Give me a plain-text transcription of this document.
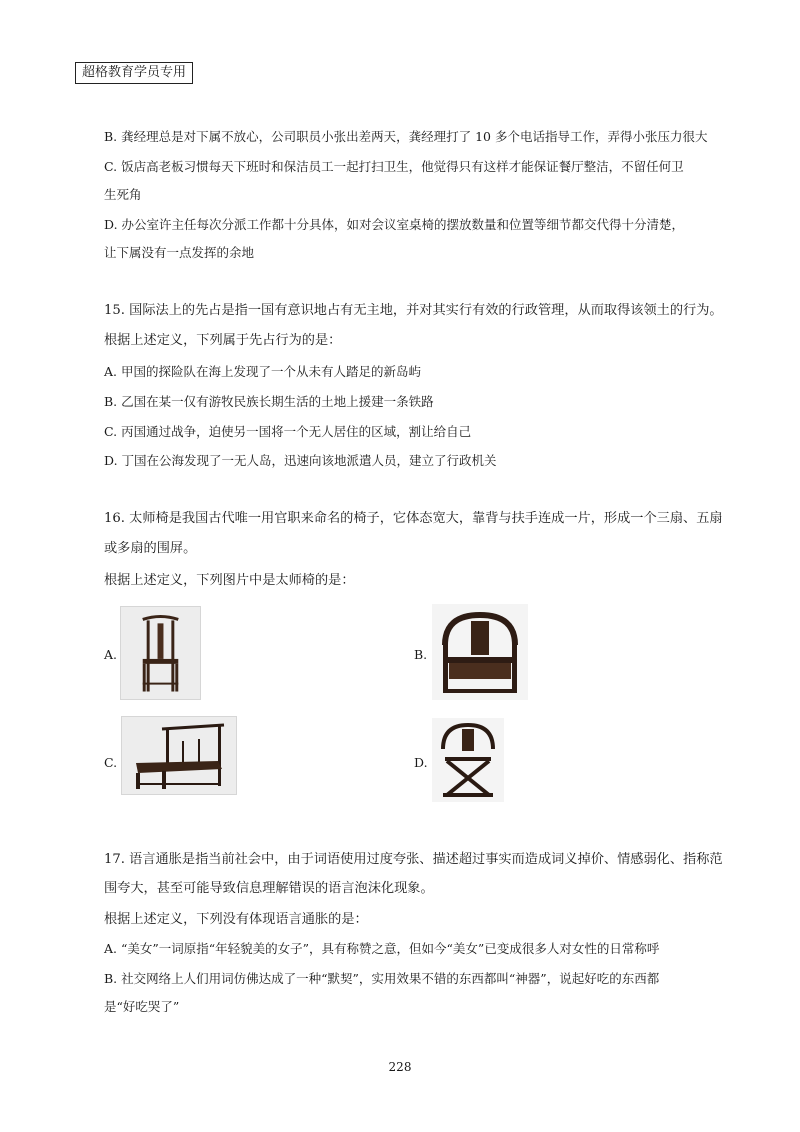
超格教育学员专用
B. 龚经理总是对下属不放心，公司职员小张出差两天，龚经理打了 10 多个电话指导工作，弄得小张压力很大
C. 饭店高老板习惯每天下班时和保洁员工一起打扫卫生，他觉得只有这样才能保证餐厅整洁，不留任何卫
生死角
D. 办公室许主任每次分派工作都十分具体，如对会议室桌椅的摆放数量和位置等细节都交代得十分清楚，
让下属没有一点发挥的余地
15. 国际法上的先占是指一国有意识地占有无主地，并对其实行有效的行政管理，从而取得该领土的行为。
根据上述定义，下列属于先占行为的是：
A. 甲国的探险队在海上发现了一个从未有人踏足的新岛屿
B. 乙国在某一仅有游牧民族长期生活的土地上援建一条铁路
C. 丙国通过战争，迫使另一国将一个无人居住的区域，割让给自己
D. 丁国在公海发现了一无人岛，迅速向该地派遣人员，建立了行政机关
16. 太师椅是我国古代唯一用官职来命名的椅子，它体态宽大，靠背与扶手连成一片，形成一个三扇、五扇
或多扇的围屏。
根据上述定义，下列图片中是太师椅的是：
A.	B.
C.	D.
17. 语言通胀是指当前社会中，由于词语使用过度夸张、描述超过事实而造成词义掉价、情感弱化、指称范
围夸大，甚至可能导致信息理解错误的语言泡沫化现象。
根据上述定义，下列没有体现语言通胀的是：
A. “美女”一词原指“年轻貌美的女子”，具有称赞之意，但如今“美女”已变成很多人对女性的日常称呼
B. 社交网络上人们用词仿佛达成了一种“默契”，实用效果不错的东西都叫“神器”，说起好吃的东西都
是“好吃哭了”
228
